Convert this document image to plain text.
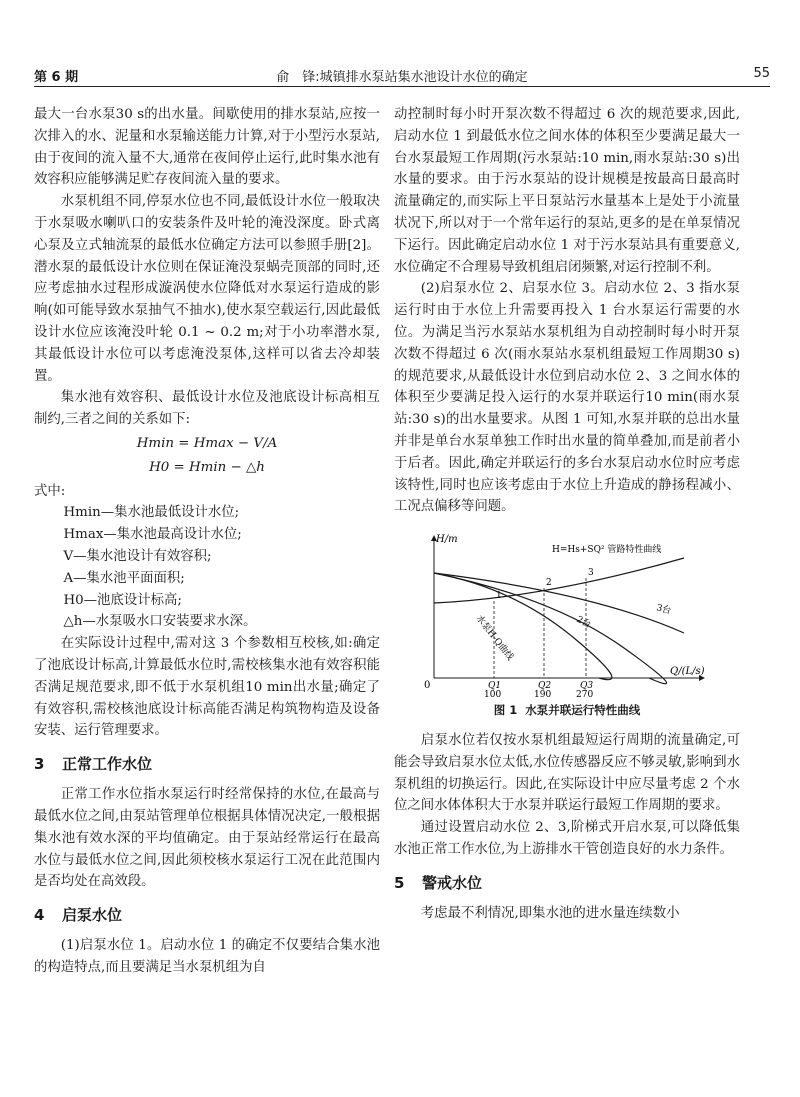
第 6 期	俞　锋:城镇排水泵站集水池设计水位的确定	55

最大一台水泵30 s的出水量。间歇使用的排水泵站,应按一次排入的水、泥量和水泵输送能力计算,对于小型污水泵站,由于夜间的流入量不大,通常在夜间停止运行,此时集水池有效容积应能够满足贮存夜间流入量的要求。

水泵机组不同,停泵水位也不同,最低设计水位一般取决于水泵吸水喇叭口的安装条件及叶轮的淹没深度。卧式离心泵及立式轴流泵的最低水位确定方法可以参照手册[2]。潜水泵的最低设计水位则在保证淹没泵蜗壳顶部的同时,还应考虑抽水过程形成漩涡使水位降低对水泵运行造成的影响(如可能导致水泵抽气不抽水),使水泵空载运行,因此最低设计水位应该淹没叶轮 0.1 ~ 0.2 m;对于小功率潜水泵,其最低设计水位可以考虑淹没泵体,这样可以省去冷却装置。

集水池有效容积、最低设计水位及池底设计标高相互制约,三者之间的关系如下:

Hmin = Hmax − V/A
H0 = Hmin − △h
式中:
Hmin—集水池最低设计水位;
Hmax—集水池最高设计水位;
V—集水池设计有效容积;
A—集水池平面面积;
H0—池底设计标高;
△h—水泵吸水口安装要求水深。

在实际设计过程中,需对这 3 个参数相互校核,如:确定了池底设计标高,计算最低水位时,需校核集水池有效容积能否满足规范要求,即不低于水泵机组10 min出水量;确定了有效容积,需校核池底设计标高能否满足构筑物构造及设备安装、运行管理要求。

3 正常工作水位

正常工作水位指水泵运行时经常保持的水位,在最高与最低水位之间,由泵站管理单位根据具体情况决定,一般根据集水池有效水深的平均值确定。由于泵站经常运行在最高水位与最低水位之间,因此须校核水泵运行工况在此范围内是否均处在高效段。

4 启泵水位

(1)启泵水位 1。启动水位 1 的确定不仅要结合集水池的构造特点,而且要满足当水泵机组为自

动控制时每小时开泵次数不得超过 6 次的规范要求,因此,启动水位 1 到最低水位之间水体的体积至少要满足最大一台水泵最短工作周期(污水泵站:10 min,雨水泵站:30 s)出水量的要求。由于污水泵站的设计规模是按最高日最高时流量确定的,而实际上平日泵站污水量基本上是处于小流量状况下,所以对于一个常年运行的泵站,更多的是在单泵情况下运行。因此确定启动水位 1 对于污水泵站具有重要意义,水位确定不合理易导致机组启闭频繁,对运行控制不利。

(2)启泵水位 2、启泵水位 3。启动水位 2、3 指水泵运行时由于水位上升需要再投入 1 台水泵运行需要的水位。为满足当污水泵站水泵机组为自动控制时每小时开泵次数不得超过 6 次(雨水泵站水泵机组最短工作周期30 s)的规范要求,从最低设计水位到启动水位 2、3 之间水体的体积至少要满足投入运行的水泵并联运行10 min(雨水泵站:30 s)的出水量要求。从图 1 可知,水泵并联的总出水量并非是单台水泵单独工作时出水量的简单叠加,而是前者小于后者。因此,确定并联运行的多台水泵启动水位时应考虑该特性,同时也应该考虑由于水位上升造成的静扬程减小、工况点偏移等问题。

H/m
Q/(L/s)
0
1
2
3
Q1
100
Q2
190
Q3
270
H=Hs+SQ² 管路特性曲线
水泵H-Q曲线	2台
3台
图 1 水泵并联运行特性曲线

启泵水位若仅按水泵机组最短运行周期的流量确定,可能会导致启泵水位太低,水位传感器反应不够灵敏,影响到水泵机组的切换运行。因此,在实际设计中应尽量考虑 2 个水位之间水体体积大于水泵并联运行最短工作周期的要求。

通过设置启动水位 2、3,阶梯式开启水泵,可以降低集水池正常工作水位,为上游排水干管创造良好的水力条件。

5 警戒水位

考虑最不利情况,即集水池的进水量连续数小
